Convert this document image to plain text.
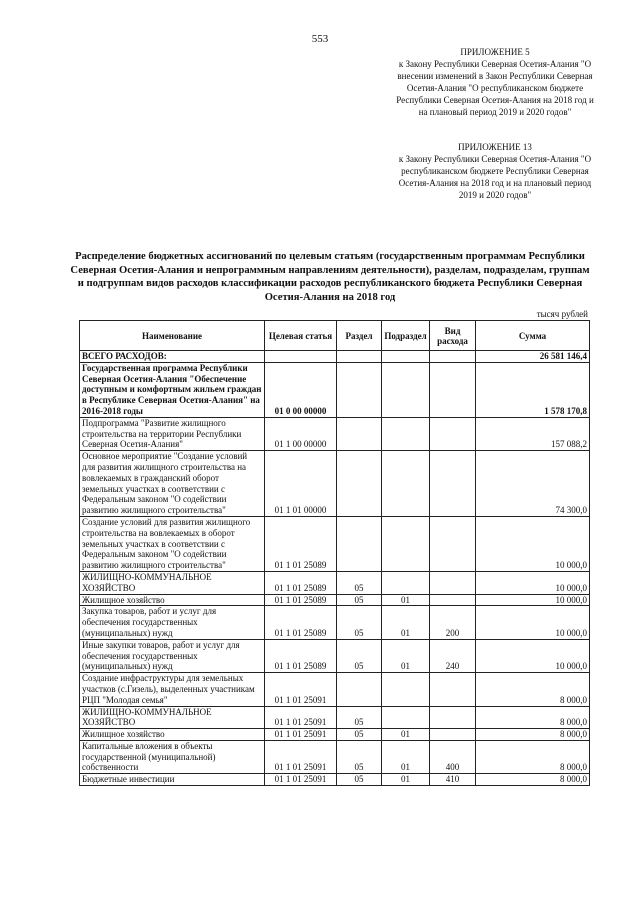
553
ПРИЛОЖЕНИЕ 5
к Закону Республики Северная Осетия-Алания "О внесении изменений в Закон Республики Северная Осетия-Алания "О республиканском бюджете Республики Северная Осетия-Алания на 2018 год и на плановый период 2019 и 2020 годов"
ПРИЛОЖЕНИЕ 13
к Закону Республики Северная Осетия-Алания "О республиканском бюджете Республики Северная Осетия-Алания на 2018 год и на плановый период 2019 и 2020 годов"
Распределение бюджетных ассигнований по целевым статьям (государственным программам Республики Северная Осетия-Алания и непрограммным направлениям деятельности), разделам, подразделам, группам и подгруппам видов расходов классификации расходов республиканского бюджета Республики Северная Осетия-Алания на 2018 год
тысяч рублей
Наименование	Целевая статья	Раздел	Подраздел	Вид расхода	Сумма
ВСЕГО РАСХОДОВ:					26 581 146,4
Государственная программа Республики Северная Осетия-Алания "Обеспечение доступным и комфортным жильем граждан в Республике Северная Осетия-Алания" на 2016-2018 годы	01 0 00 00000				1 578 170,8
Подпрограмма "Развитие жилищного строительства на территории Республики Северная Осетия-Алания"	01 1 00 00000				157 088,2
Основное мероприятие "Создание условий для развития жилищного строительства на вовлекаемых в гражданский оборот земельных участках в соответствии с Федеральным законом "О содействии развитию жилищного строительства"	01 1 01 00000				74 300,0
Создание условий для развития жилищного строительства на вовлекаемых в оборот земельных участках в соответствии с Федеральным законом "О содействии развитию жилищного строительства"	01 1 01 25089				10 000,0
ЖИЛИЩНО-КОММУНАЛЬНОЕ ХОЗЯЙСТВО	01 1 01 25089	05			10 000,0
Жилищное хозяйство	01 1 01 25089	05	01		10 000,0
Закупка товаров, работ и услуг для обеспечения государственных (муниципальных) нужд	01 1 01 25089	05	01	200	10 000,0
Иные закупки товаров, работ и услуг для обеспечения государственных (муниципальных) нужд	01 1 01 25089	05	01	240	10 000,0
Создание инфраструктуры для земельных участков (с.Гизель), выделенных участникам РЦП "Молодая семья"	01 1 01 25091				8 000,0
ЖИЛИЩНО-КОММУНАЛЬНОЕ ХОЗЯЙСТВО	01 1 01 25091	05			8 000,0
Жилищное хозяйство	01 1 01 25091	05	01		8 000,0
Капитальные вложения в объекты государственной (муниципальной) собственности	01 1 01 25091	05	01	400	8 000,0
Бюджетные инвестиции	01 1 01 25091	05	01	410	8 000,0
